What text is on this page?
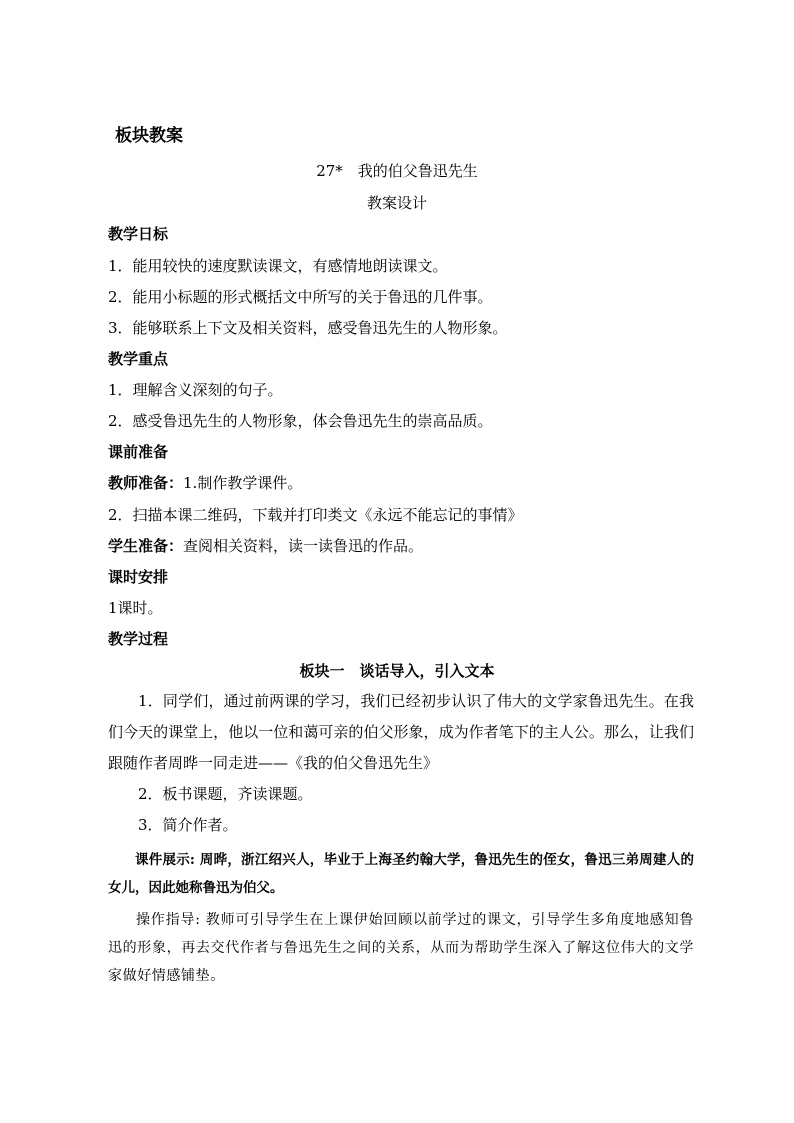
板块教案
27*　我的伯父鲁迅先生
教案设计
教学日标
1．能用较快的速度默读课文，有感情地朗读课文。
2．能用小标题的形式概括文中所写的关于鲁迅的几件事。
3．能够联系上下文及相关资料，感受鲁迅先生的人物形象。
教学重点
1．理解含义深刻的句子。
2．感受鲁迅先生的人物形象，体会鲁迅先生的崇高品质。
课前准备
教师准备：1.制作教学课件。
2．扫描本课二维码，下载并打印类文《永远不能忘记的事情》
学生准备：查阅相关资料，读一读鲁迅的作品。
课时安排
1课时。
教学过程
板块一　谈话导入，引入文本
1．同学们，通过前两课的学习，我们已经初步认识了伟大的文学家鲁迅先生。在我们今天的课堂上，他以一位和蔼可亲的伯父形象，成为作者笔下的主人公。那么，让我们跟随作者周晔一同走进——《我的伯父鲁迅先生》
2．板书课题，齐读课题。
3．简介作者。
课件展示: 周晔，浙江绍兴人，毕业于上海圣约翰大学，鲁迅先生的侄女，鲁迅三弟周建人的女儿，因此她称鲁迅为伯父。
操作指导: 教师可引导学生在上课伊始回顾以前学过的课文，引导学生多角度地感知鲁迅的形象，再去交代作者与鲁迅先生之间的关系，从而为帮助学生深入了解这位伟大的文学家做好情感铺垫。
